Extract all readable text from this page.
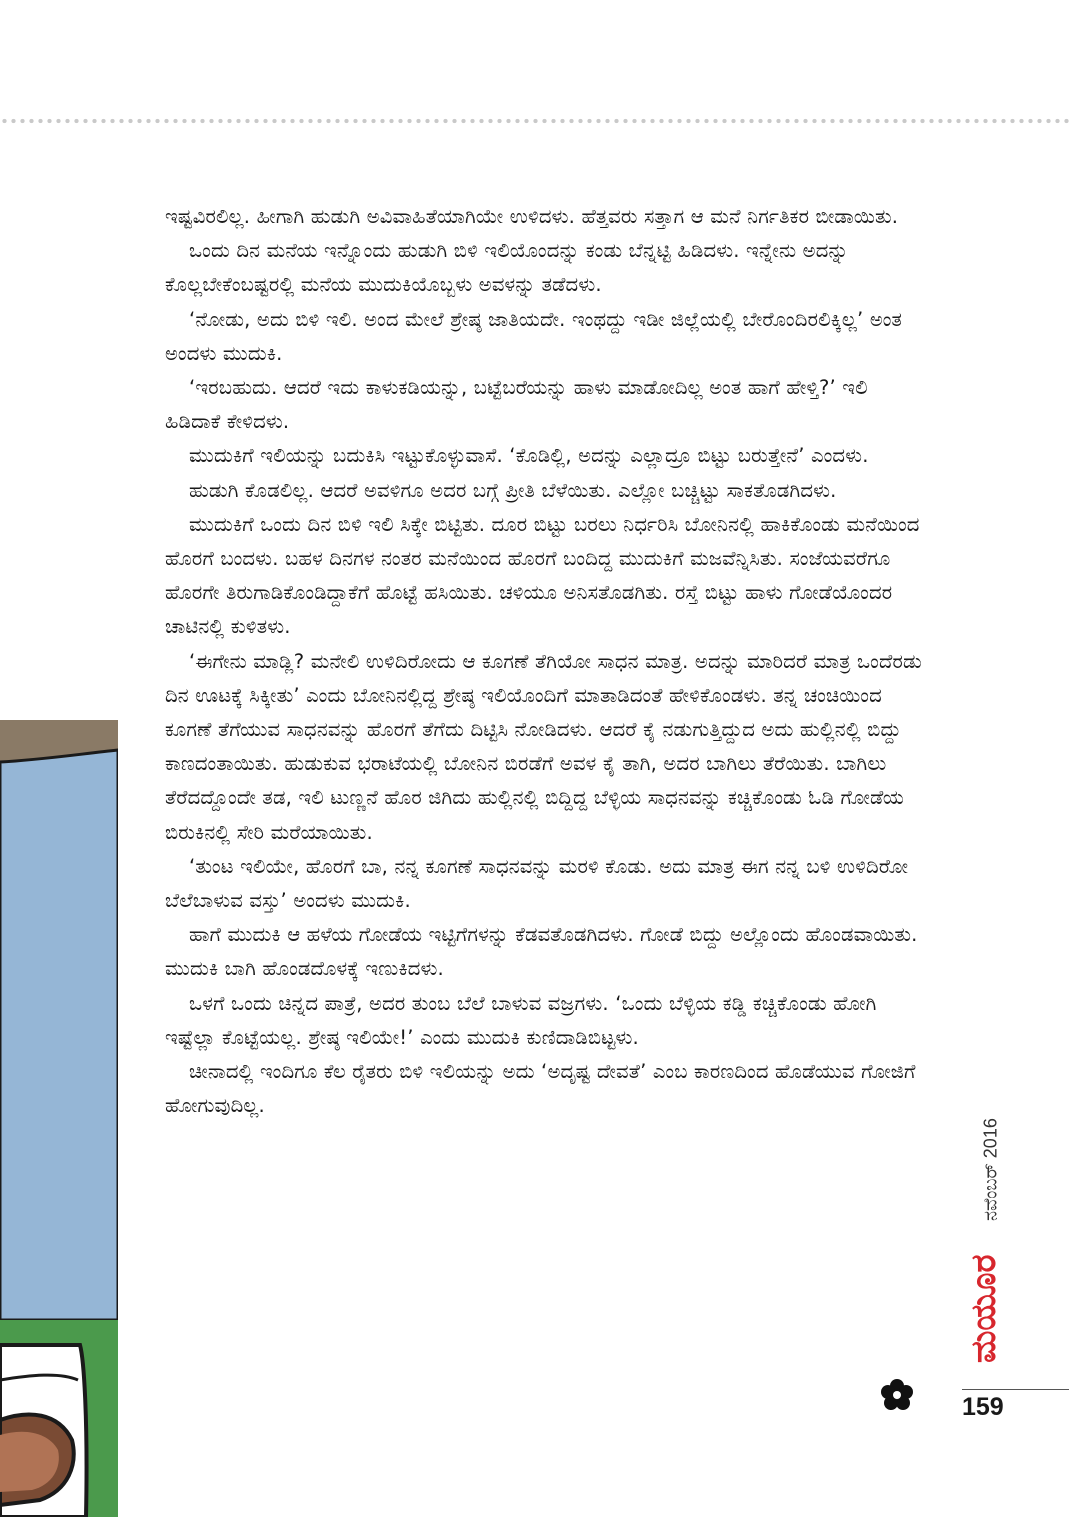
ಇಷ್ಟವಿರಲಿಲ್ಲ. ಹೀಗಾಗಿ ಹುಡುಗಿ ಅವಿವಾಹಿತೆಯಾಗಿಯೇ ಉಳಿದಳು. ಹೆತ್ತವರು ಸತ್ತಾಗ ಆ ಮನೆ ನಿರ್ಗತಿಕರ ಬೀಡಾಯಿತು.

ಒಂದು ದಿನ ಮನೆಯ ಇನ್ನೊಂದು ಹುಡುಗಿ ಬಿಳಿ ಇಲಿಯೊಂದನ್ನು ಕಂಡು ಬೆನ್ನಟ್ಟಿ ಹಿಡಿದಳು. ಇನ್ನೇನು ಅದನ್ನು ಕೊಲ್ಲಬೇಕೆಂಬಷ್ಟರಲ್ಲಿ ಮನೆಯ ಮುದುಕಿಯೊಬ್ಬಳು ಅವಳನ್ನು ತಡೆದಳು.

‘ನೋಡು, ಅದು ಬಿಳಿ ಇಲಿ. ಅಂದ ಮೇಲೆ ಶ್ರೇಷ್ಠ ಜಾತಿಯದೇ. ಇಂಥದ್ದು ಇಡೀ ಜಿಲ್ಲೆಯಲ್ಲಿ ಬೇರೊಂದಿರಲಿಕ್ಕಿಲ್ಲ’ ಅಂತ ಅಂದಳು ಮುದುಕಿ.

‘ಇರಬಹುದು. ಆದರೆ ಇದು ಕಾಳುಕಡಿಯನ್ನು, ಬಟ್ಟೆಬರೆಯನ್ನು ಹಾಳು ಮಾಡೋದಿಲ್ಲ ಅಂತ ಹಾಗೆ ಹೇಳ್ತಿ?’ ಇಲಿ ಹಿಡಿದಾಕೆ ಕೇಳಿದಳು.

ಮುದುಕಿಗೆ ಇಲಿಯನ್ನು ಬದುಕಿಸಿ ಇಟ್ಟುಕೊಳ್ಳುವಾಸೆ. ‘ಕೊಡಿಲ್ಲಿ, ಅದನ್ನು ಎಲ್ಲಾದ್ರೂ ಬಿಟ್ಟು ಬರುತ್ತೇನೆ’ ಎಂದಳು.

ಹುಡುಗಿ ಕೊಡಲಿಲ್ಲ. ಆದರೆ ಅವಳಿಗೂ ಅದರ ಬಗ್ಗೆ ಪ್ರೀತಿ ಬೆಳೆಯಿತು. ಎಲ್ಲೋ ಬಚ್ಚಿಟ್ಟು ಸಾಕತೊಡಗಿದಳು.

ಮುದುಕಿಗೆ ಒಂದು ದಿನ ಬಿಳಿ ಇಲಿ ಸಿಕ್ಕೇ ಬಿಟ್ಟಿತು. ದೂರ ಬಿಟ್ಟು ಬರಲು ನಿರ್ಧರಿಸಿ ಬೋನಿನಲ್ಲಿ ಹಾಕಿಕೊಂಡು ಮನೆಯಿಂದ ಹೊರಗೆ ಬಂದಳು. ಬಹಳ ದಿನಗಳ ನಂತರ ಮನೆಯಿಂದ ಹೊರಗೆ ಬಂದಿದ್ದ ಮುದುಕಿಗೆ ಮಜವೆನ್ನಿಸಿತು. ಸಂಜೆಯವರೆಗೂ ಹೊರಗೇ ತಿರುಗಾಡಿಕೊಂಡಿದ್ದಾಕೆಗೆ ಹೊಟ್ಟೆ ಹಸಿಯಿತು. ಚಳಿಯೂ ಅನಿಸತೊಡಗಿತು. ರಸ್ತೆ ಬಿಟ್ಟು ಹಾಳು ಗೋಡೆಯೊಂದರ ಚಾಟಿನಲ್ಲಿ ಕುಳಿತಳು.

‘ಈಗೇನು ಮಾಡ್ಲಿ? ಮನೇಲಿ ಉಳಿದಿರೋದು ಆ ಕೂಗಣೆ ತೆಗಿಯೋ ಸಾಧನ ಮಾತ್ರ. ಅದನ್ನು ಮಾರಿದರೆ ಮಾತ್ರ ಒಂದೆರಡು ದಿನ ಊಟಕ್ಕೆ ಸಿಕ್ಕೀತು’ ಎಂದು ಬೋನಿನಲ್ಲಿದ್ದ ಶ್ರೇಷ್ಠ ಇಲಿಯೊಂದಿಗೆ ಮಾತಾಡಿದಂತೆ ಹೇಳಿಕೊಂಡಳು. ತನ್ನ ಚಂಚಿಯಿಂದ ಕೂಗಣೆ ತೆಗೆಯುವ ಸಾಧನವನ್ನು ಹೊರಗೆ ತೆಗೆದು ದಿಟ್ಟಿಸಿ ನೋಡಿದಳು. ಆದರೆ ಕೈ ನಡುಗುತ್ತಿದ್ದುದ ಅದು ಹುಲ್ಲಿನಲ್ಲಿ ಬಿದ್ದು ಕಾಣದಂತಾಯಿತು. ಹುಡುಕುವ ಭರಾಟೆಯಲ್ಲಿ ಬೋನಿನ ಬಿರಡೆಗೆ ಅವಳ ಕೈ ತಾಗಿ, ಅದರ ಬಾಗಿಲು ತೆರೆಯಿತು. ಬಾಗಿಲು ತೆರೆದದ್ದೊಂದೇ ತಡ, ಇಲಿ ಟುಣ್ಣನೆ ಹೊರ ಜಿಗಿದು ಹುಲ್ಲಿನಲ್ಲಿ ಬಿದ್ದಿದ್ದ ಬೆಳ್ಳಿಯ ಸಾಧನವನ್ನು ಕಚ್ಚಿಕೊಂಡು ಓಡಿ ಗೋಡೆಯ ಬಿರುಕಿನಲ್ಲಿ ಸೇರಿ ಮರೆಯಾಯಿತು.

‘ತುಂಟ ಇಲಿಯೇ, ಹೊರಗೆ ಬಾ, ನನ್ನ ಕೂಗಣೆ ಸಾಧನವನ್ನು ಮರಳಿ ಕೊಡು. ಅದು ಮಾತ್ರ ಈಗ ನನ್ನ ಬಳಿ ಉಳಿದಿರೋ ಬೆಲೆಬಾಳುವ ವಸ್ತು’ ಅಂದಳು ಮುದುಕಿ.

ಹಾಗೆ ಮುದುಕಿ ಆ ಹಳೆಯ ಗೋಡೆಯ ಇಟ್ಟಿಗೆಗಳನ್ನು ಕೆಡವತೊಡಗಿದಳು. ಗೋಡೆ ಬಿದ್ದು ಅಲ್ಲೊಂದು ಹೊಂಡವಾಯಿತು. ಮುದುಕಿ ಬಾಗಿ ಹೊಂಡದೊಳಕ್ಕೆ ಇಣುಕಿದಳು.

ಒಳಗೆ ಒಂದು ಚಿನ್ನದ ಪಾತ್ರೆ, ಅದರ ತುಂಬ ಬೆಲೆ ಬಾಳುವ ವಜ್ರಗಳು. ‘ಒಂದು ಬೆಳ್ಳಿಯ ಕಡ್ಡಿ ಕಚ್ಚಿಕೊಂಡು ಹೋಗಿ ಇಷ್ಟೆಲ್ಲಾ ಕೊಟ್ಟೆಯಲ್ಲ. ಶ್ರೇಷ್ಠ ಇಲಿಯೇ!’ ಎಂದು ಮುದುಕಿ ಕುಣಿದಾಡಿಬಿಟ್ಟಳು.

ಚೀನಾದಲ್ಲಿ ಇಂದಿಗೂ ಕೆಲ ರೈತರು ಬಿಳಿ ಇಲಿಯನ್ನು ಅದು ‘ಅದೃಷ್ಟ ದೇವತೆ’ ಎಂಬ ಕಾರಣದಿಂದ ಹೊಡೆಯುವ ಗೋಜಿಗೆ ಹೋಗುವುದಿಲ್ಲ.

ನವೆಂಬರ್ 2016
ಮಯೂರ
159
